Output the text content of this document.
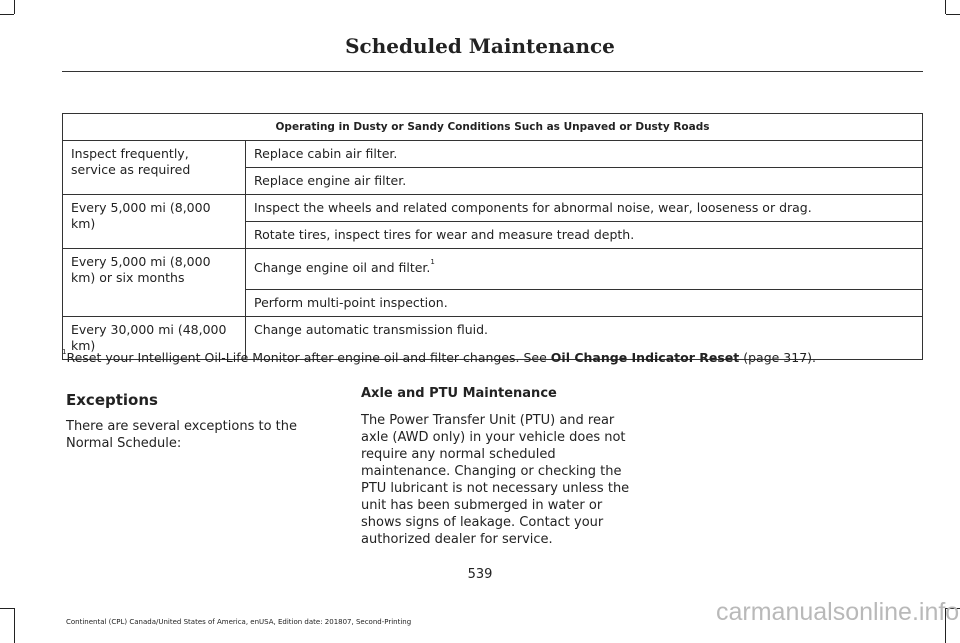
Scheduled Maintenance
Operating in Dusty or Sandy Conditions Such as Unpaved or Dusty Roads	
Inspect frequently, service as required	Replace cabin air filter.
	Replace engine air filter.
Every 5,000 mi (8,000 km)	Inspect the wheels and related components for abnormal noise, wear, looseness or drag.
	Rotate tires, inspect tires for wear and measure tread depth.
Every 5,000 mi (8,000 km) or six months	Change engine oil and filter.$^1$
	Perform multi-point inspection.
Every 30,000 mi (48,000 km)	Change automatic transmission fluid.
$^1$Reset your Intelligent Oil-Life Monitor after engine oil and filter changes. See Oil Change Indicator Reset (page 317).
Exceptions
There are several exceptions to the Normal Schedule:
Axle and PTU Maintenance
The Power Transfer Unit (PTU) and rear axle (AWD only) in your vehicle does not require any normal scheduled maintenance. Changing or checking the PTU lubricant is not necessary unless the unit has been submerged in water or shows signs of leakage. Contact your authorized dealer for service.
539
Continental (CPL) Canada/United States of America, enUSA, Edition date: 201807, Second-Printing	carmanualsonline.info
